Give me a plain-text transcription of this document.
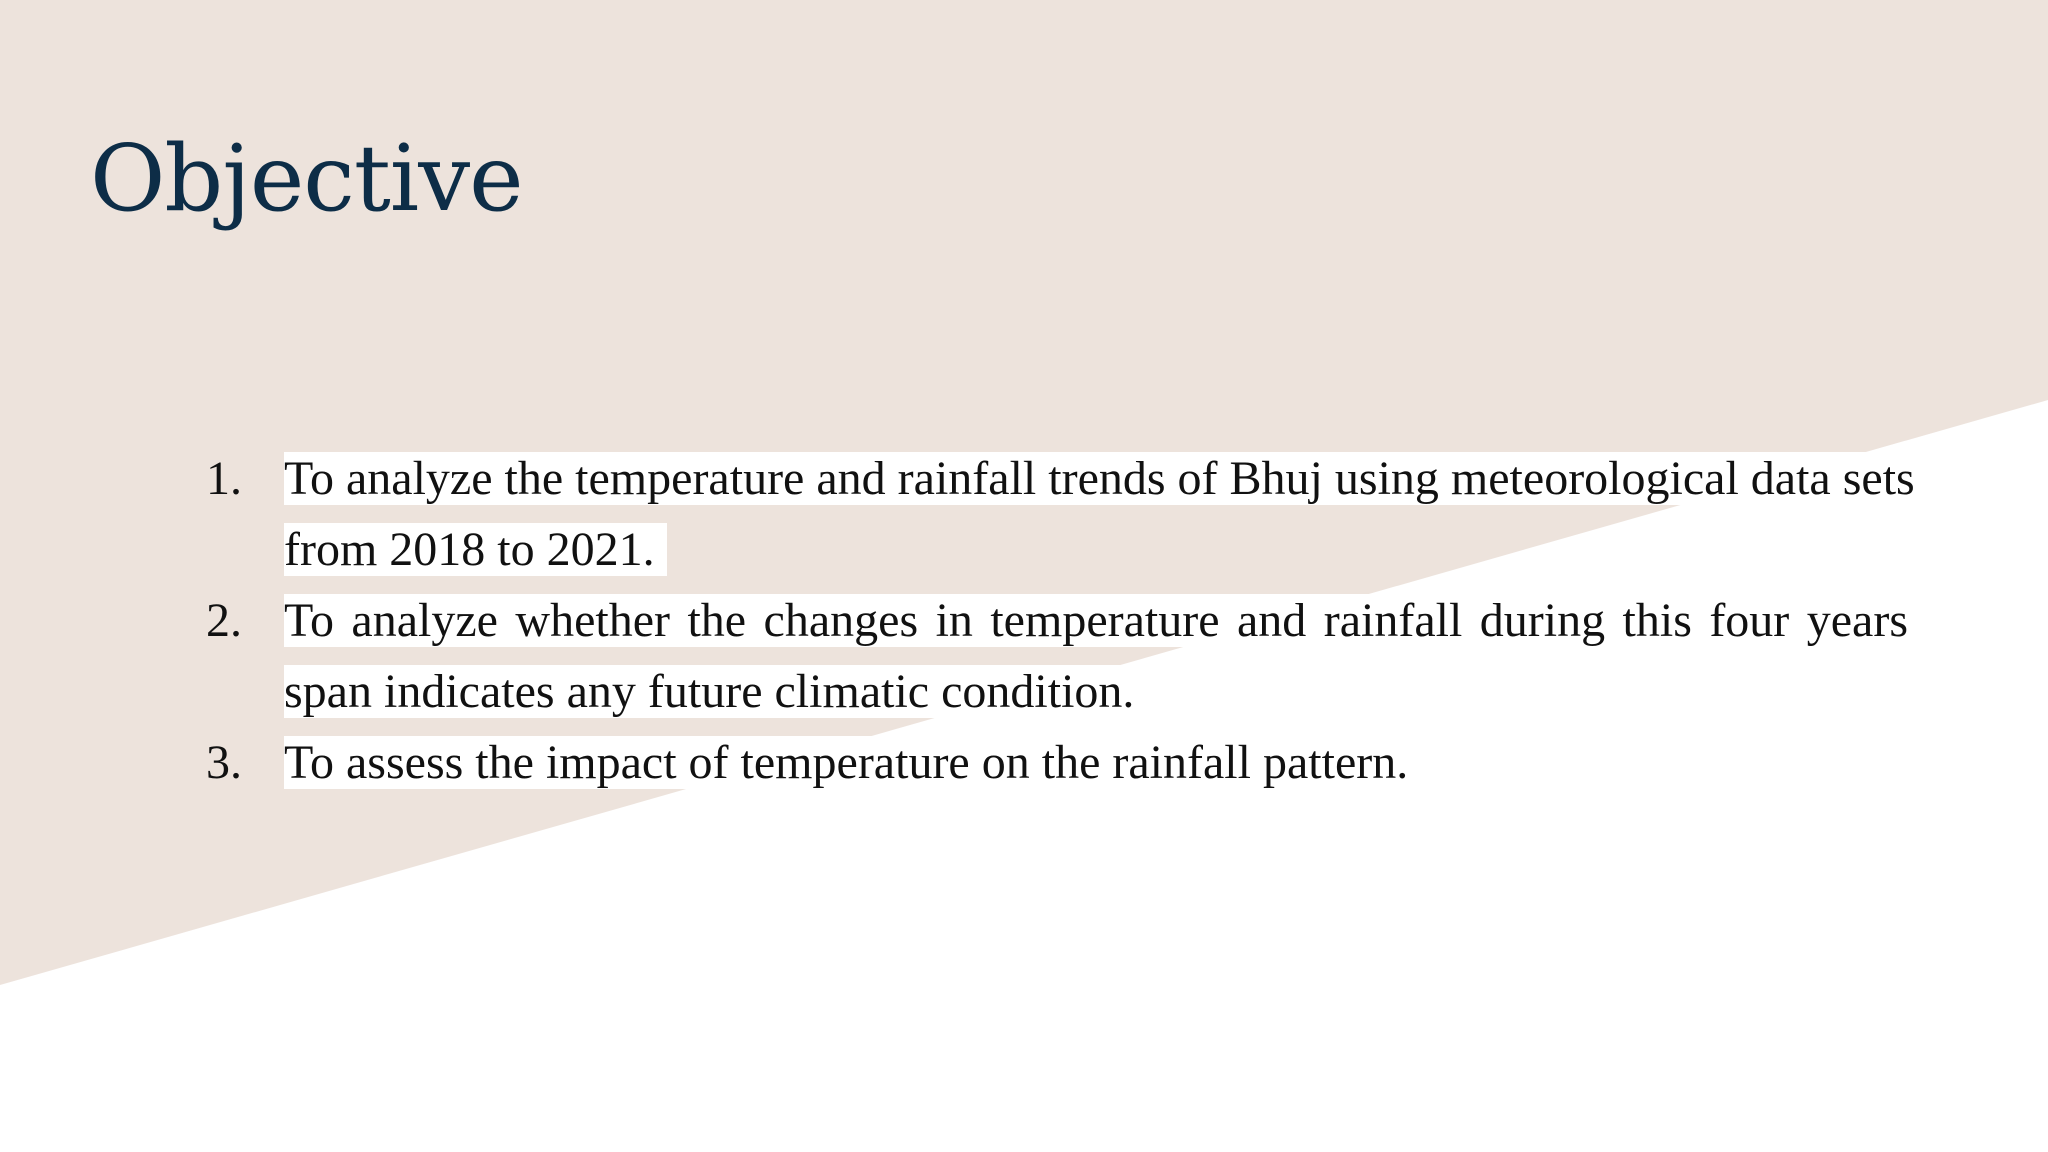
Objective
1. To analyze the temperature and rainfall trends of Bhuj using meteorological data sets from 2018 to 2021.
2. To analyze whether the changes in temperature and rainfall during this four years span indicates any future climatic condition.
3. To assess the impact of temperature on the rainfall pattern.
